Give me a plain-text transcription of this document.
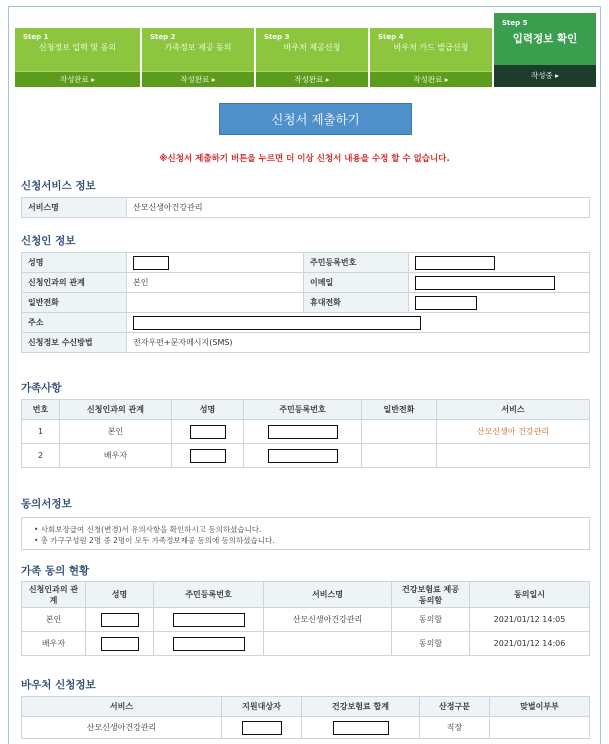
Step 1
신청정보 입력 및 동의
작성완료 ▸
Step 2
가족정보 제공 동의
작성완료 ▸
Step 3
바우처 제공신청
작성완료 ▸
Step 4
바우처 카드 발급신청
작성완료 ▸
Step 5
입력정보 확인
작성중 ▸
신청서 제출하기
※신청서 제출하기 버튼을 누르면 더 이상 신청서 내용을 수정 할 수 없습니다.
신청서비스 정보
서비스명	산모신생아건강관리
신청인 정보
성명		주민등록번호	
신청인과의 관계	본인	이메일	
일반전화		휴대전화	
주소			
신청정보 수신방법	전자우편+문자메시지(SMS)		
가족사항
번호	신청인과의 관계	성명	주민등록번호	일반전화	서비스
1	본인				산모신생아 건강관리
2	배우자				
동의서정보
• 사회보장급여 신청(변경)서 유의사항을 확인하시고 동의하셨습니다.
• 총 가구구성원 2명 중 2명이 모두 가족정보제공 동의에 동의하셨습니다.
가족 동의 현황
신청인과의 관계	성명	주민등록번호	서비스명	건강보험료 제공 동의함	동의일시
본인			산모신생아건강관리	동의함	2021/01/12 14:05
배우자				동의함	2021/01/12 14:06
바우처 신청정보
서비스	지원대상자	건강보험료 합계	산정구분	맞벌이부부
산모신생아건강관리			직장	
